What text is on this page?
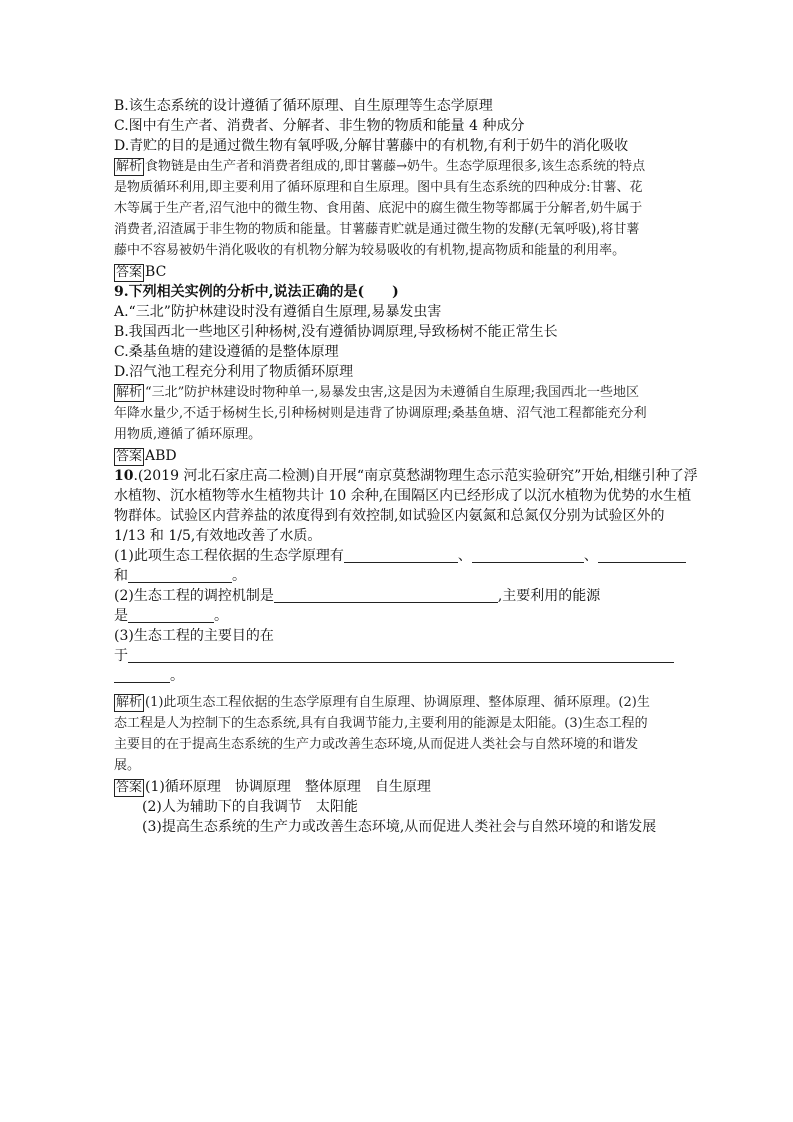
B.该生态系统的设计遵循了循环原理、自生原理等生态学原理
C.图中有生产者、消费者、分解者、非生物的物质和能量 4 种成分
D.青贮的目的是通过微生物有氧呼吸,分解甘薯藤中的有机物,有利于奶牛的消化吸收
解析 食物链是由生产者和消费者组成的,即甘薯藤→奶牛。生态学原理很多,该生态系统的特点
是物质循环利用,即主要利用了循环原理和自生原理。图中具有生态系统的四种成分:甘薯、花
木等属于生产者,沼气池中的微生物、食用菌、底泥中的腐生微生物等都属于分解者,奶牛属于
消费者,沼渣属于非生物的物质和能量。甘薯藤青贮就是通过微生物的发酵(无氧呼吸),将甘薯
藤中不容易被奶牛消化吸收的有机物分解为较易吸收的有机物,提高物质和能量的利用率。
答案 BC
9.下列相关实例的分析中,说法正确的是(　　)
A.“三北”防护林建设时没有遵循自生原理,易暴发虫害
B.我国西北一些地区引种杨树,没有遵循协调原理,导致杨树不能正常生长
C.桑基鱼塘的建设遵循的是整体原理
D.沼气池工程充分利用了物质循环原理
解析 “三北”防护林建设时物种单一,易暴发虫害,这是因为未遵循自生原理;我国西北一些地区
年降水量少,不适于杨树生长,引种杨树则是违背了协调原理;桑基鱼塘、沼气池工程都能充分利
用物质,遵循了循环原理。
答案 ABD
10.(2019 河北石家庄高二检测)自开展“南京莫愁湖物理生态示范实验研究”开始,相继引种了浮
水植物、沉水植物等水生植物共计 10 余种,在围隔区内已经形成了以沉水植物为优势的水生植
物群体。试验区内营养盐的浓度得到有效控制,如试验区内氨氮和总氮仅分别为试验区外的
1/13 和 1/5,有效地改善了水质。
(1)此项生态工程依据的生态学原理有	、	、
和	。
(2)生态工程的调控机制是	,主要利用的能源
是	。
(3)生态工程的主要目的在
于
。
解析 (1)此项生态工程依据的生态学原理有自生原理、协调原理、整体原理、循环原理。(2)生
态工程是人为控制下的生态系统,具有自我调节能力,主要利用的能源是太阳能。(3)生态工程的
主要目的在于提高生态系统的生产力或改善生态环境,从而促进人类社会与自然环境的和谐发
展。
答案 (1)循环原理　协调原理　整体原理　自生原理
(2)人为辅助下的自我调节　太阳能
(3)提高生态系统的生产力或改善生态环境,从而促进人类社会与自然环境的和谐发展
